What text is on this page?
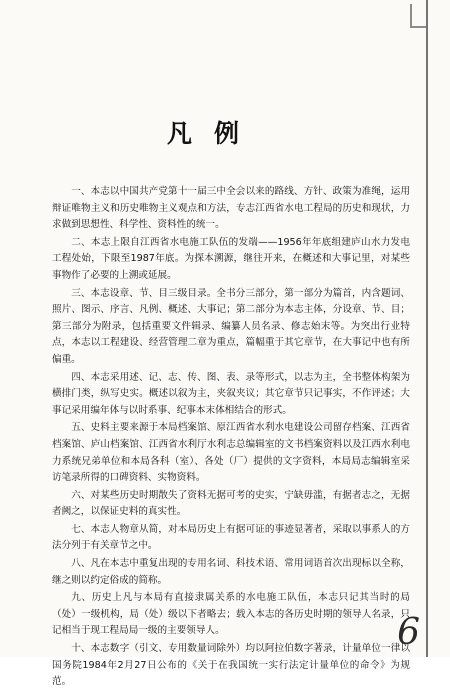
凡例

一、本志以中国共产党第十一届三中全会以来的路线、方针、政策为准绳，运用辩证唯物主义和历史唯物主义观点和方法，专志江西省水电工程局的历史和现状，力求做到思想性、科学性、资料性的统一。

二、本志上限自江西省水电施工队伍的发端——1956年年底组建庐山水力发电工程处始，下限至1987年底。为探本溯源，继往开来，在概述和大事记里，对某些事物作了必要的上溯或延展。

三、本志设章、节、目三级目录。全书分三部分，第一部分为篇首，内含题词、照片、图示、序言、凡例、概述、大事记；第二部分为本志主体，分设章、节、目；第三部分为附录，包括重要文件辑录、编纂人员名录、修志始末等。为突出行业特点，本志以工程建设、经营管理二章为重点，篇幅重于其它章节，在大事记中也有所偏重。

四、本志采用述、记、志、传、图、表、录等形式，以志为主，全书整体构架为横排门类，纵写史实。概述以叙为主，夹叙夹议；其它章节只记事实，不作评述；大事记采用编年体与以时系事、纪事本末体相结合的形式。

五、史料主要来源于本局档案馆、原江西省水利水电建设公司留存档案、江西省档案馆、庐山档案馆、江西省水利厅水利志总编辑室的文书档案资料以及江西水利电力系统兄弟单位和本局各科（室）、各处（厂）提供的文字资料，本局局志编辑室采访笔录所得的口碑资料、实物资料。

六、对某些历史时期散失了资料无据可考的史实，宁缺毋滥，有据者志之，无据者阙之，以保证史料的真实性。

七、本志人物章从简，对本局历史上有据可证的事迹显著者，采取以事系人的方法分列于有关章节之中。

八、凡在本志中重复出现的专用名词、科技术语、常用词语首次出现标以全称，继之则以约定俗成的简称。

九、历史上凡与本局有直接隶属关系的水电施工队伍，本志只记其当时的局（处）一级机构，局（处）级以下者略去；载入本志的各历史时期的领导人名录，只记相当于现工程局局一级的主要领导人。

十、本志数字（引文、专用数量词除外）均以阿拉伯数字著录，计量单位一律以国务院1984年2月27日公布的《关于在我国统一实行法定计量单位的命令》为规范。

6
